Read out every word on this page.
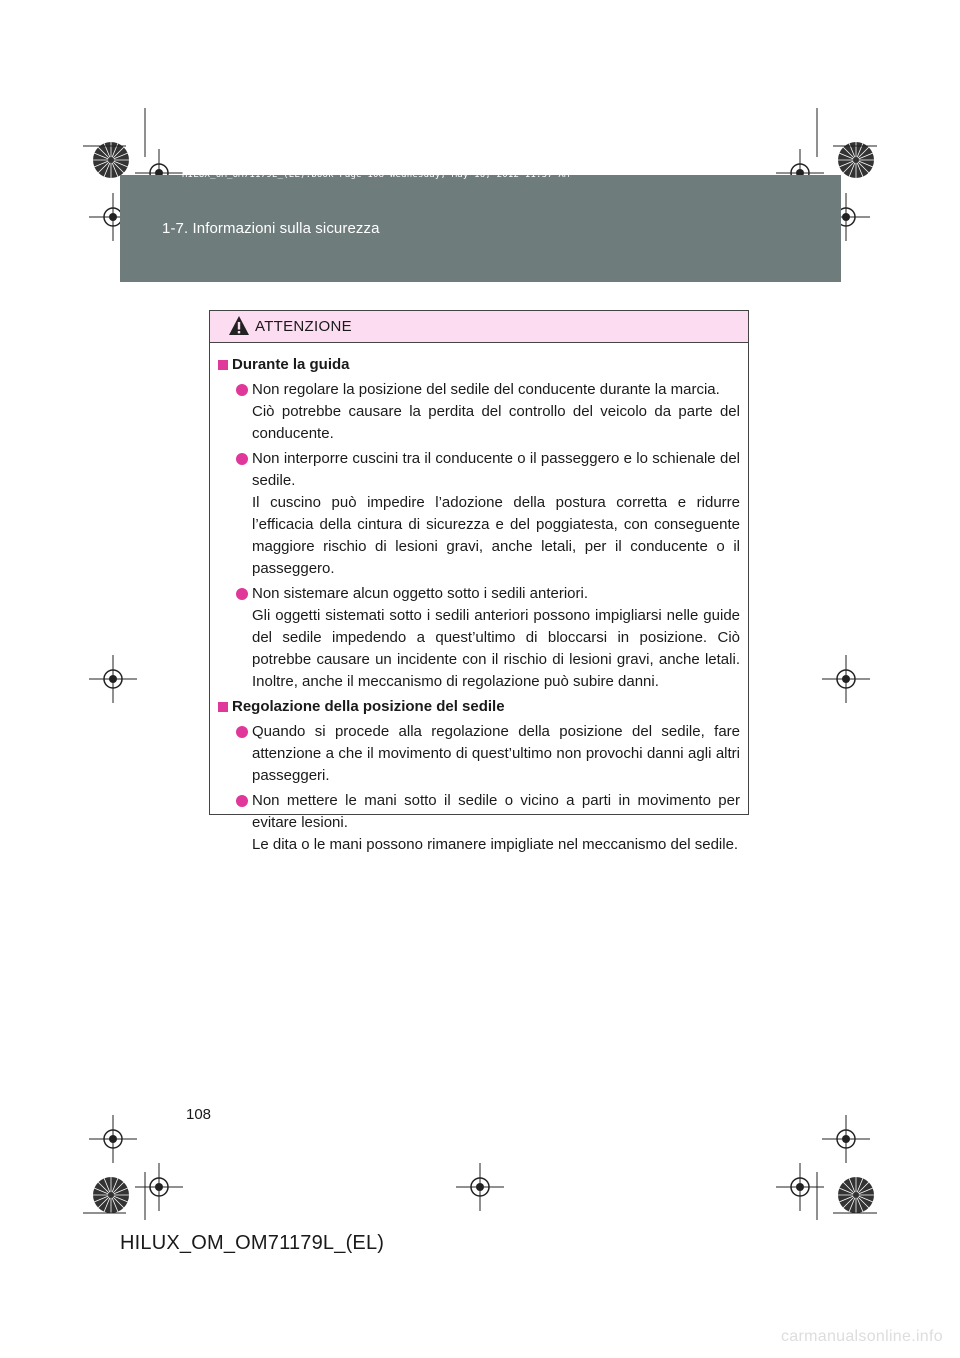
HILUX_OM_OM71179L_(EL).book Page 108 Wednesday, May 16, 2012 11:37 AM
1-7. Informazioni sulla sicurezza
ATTENZIONE
Durante la guida

Non regolare la posizione del sedile del conducente durante la marcia.

Ciò potrebbe causare la perdita del controllo del veicolo da parte del conducente.

Non interporre cuscini tra il conducente o il passeggero e lo schienale del sedile.

Il cuscino può impedire l’adozione della postura corretta e ridurre l’efficacia della cintura di sicurezza e del poggiatesta, con conseguente maggiore rischio di lesioni gravi, anche letali, per il conducente o il passeggero.

Non sistemare alcun oggetto sotto i sedili anteriori.

Gli oggetti sistemati sotto i sedili anteriori possono impigliarsi nelle guide del sedile impedendo a quest’ultimo di bloccarsi in posizione. Ciò potrebbe causare un incidente con il rischio di lesioni gravi, anche letali. Inoltre, anche il meccanismo di regolazione può subire danni.

Regolazione della posizione del sedile

Quando si procede alla regolazione della posizione del sedile, fare attenzione a che il movimento di quest’ultimo non provochi danni agli altri passeggeri.

Non mettere le mani sotto il sedile o vicino a parti in movimento per evitare lesioni.

Le dita o le mani possono rimanere impigliate nel meccanismo del sedile.

108
HILUX_OM_OM71179L_(EL)
carmanualsonline.info
